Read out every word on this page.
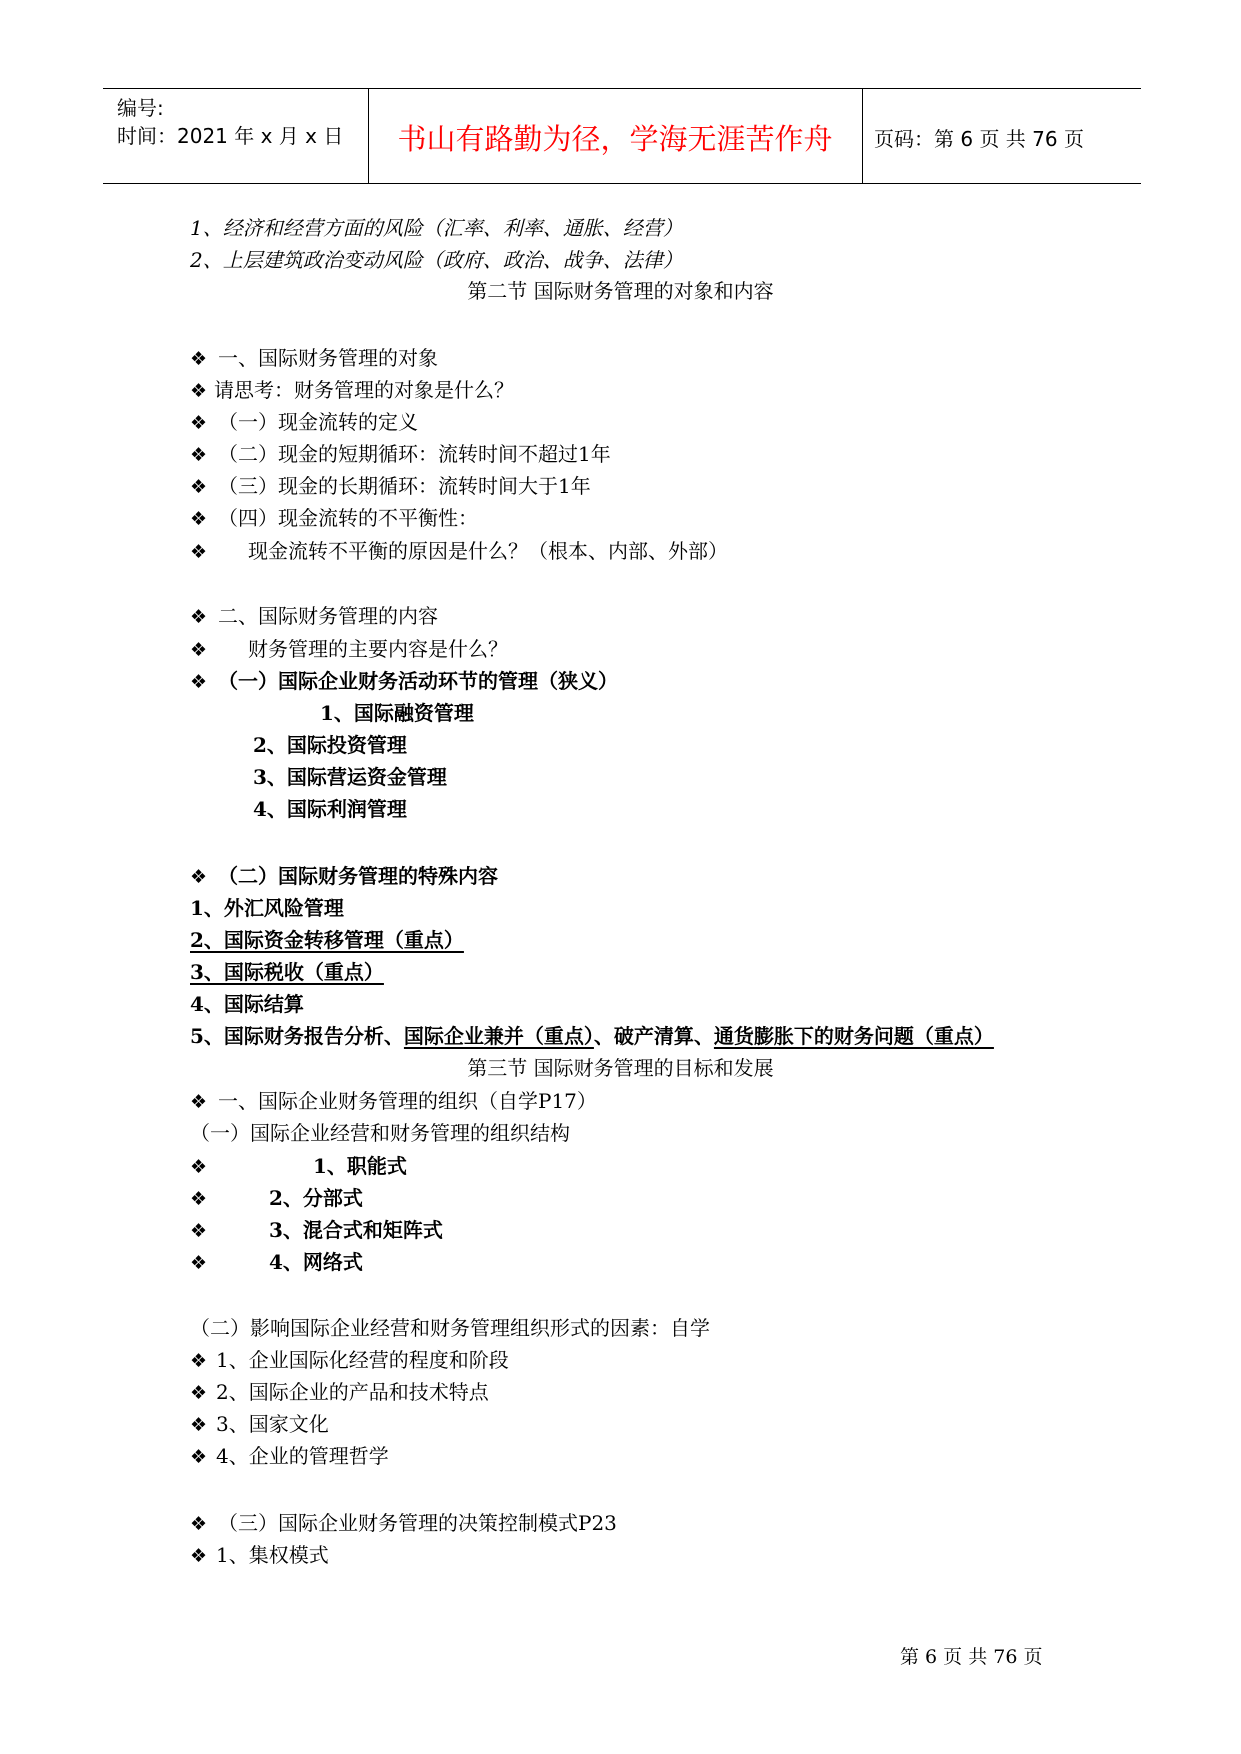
编号:
时间：2021 年 x 月 x 日	书山有路勤为径，学海无涯苦作舟	页码：第 6 页 共 76 页
1、经济和经营方面的风险（汇率、利率、通胀、经营）
2、上层建筑政治变动风险（政府、政治、战争、法律）
第二节 国际财务管理的对象和内容
❖ 一、国际财务管理的对象
❖ 请思考：财务管理的对象是什么？
❖ （一）现金流转的定义
❖ （二）现金的短期循环：流转时间不超过1年
❖ （三）现金的长期循环：流转时间大于1年
❖ （四）现金流转的不平衡性：
❖ 现金流转不平衡的原因是什么？（根本、内部、外部）
❖ 二、国际财务管理的内容
❖ 财务管理的主要内容是什么？
❖ （一）国际企业财务活动环节的管理（狭义）
1、国际融资管理
2、国际投资管理
3、国际营运资金管理
4、国际利润管理
❖ （二）国际财务管理的特殊内容
1、外汇风险管理
2、国际资金转移管理（重点）
3、国际税收（重点）
4、国际结算
5、国际财务报告分析、国际企业兼并（重点）、破产清算、通货膨胀下的财务问题（重点）
第三节 国际财务管理的目标和发展
❖ 一、国际企业财务管理的组织（自学P17）
（一）国际企业经营和财务管理的组织结构
❖	1、职能式
❖	2、分部式
❖	3、混合式和矩阵式
❖	4、网络式
（二）影响国际企业经营和财务管理组织形式的因素：自学
❖ 1、企业国际化经营的程度和阶段
❖ 2、国际企业的产品和技术特点
❖ 3、国家文化
❖ 4、企业的管理哲学
❖ （三）国际企业财务管理的决策控制模式P23
❖ 1、集权模式
第 6 页 共 76 页
